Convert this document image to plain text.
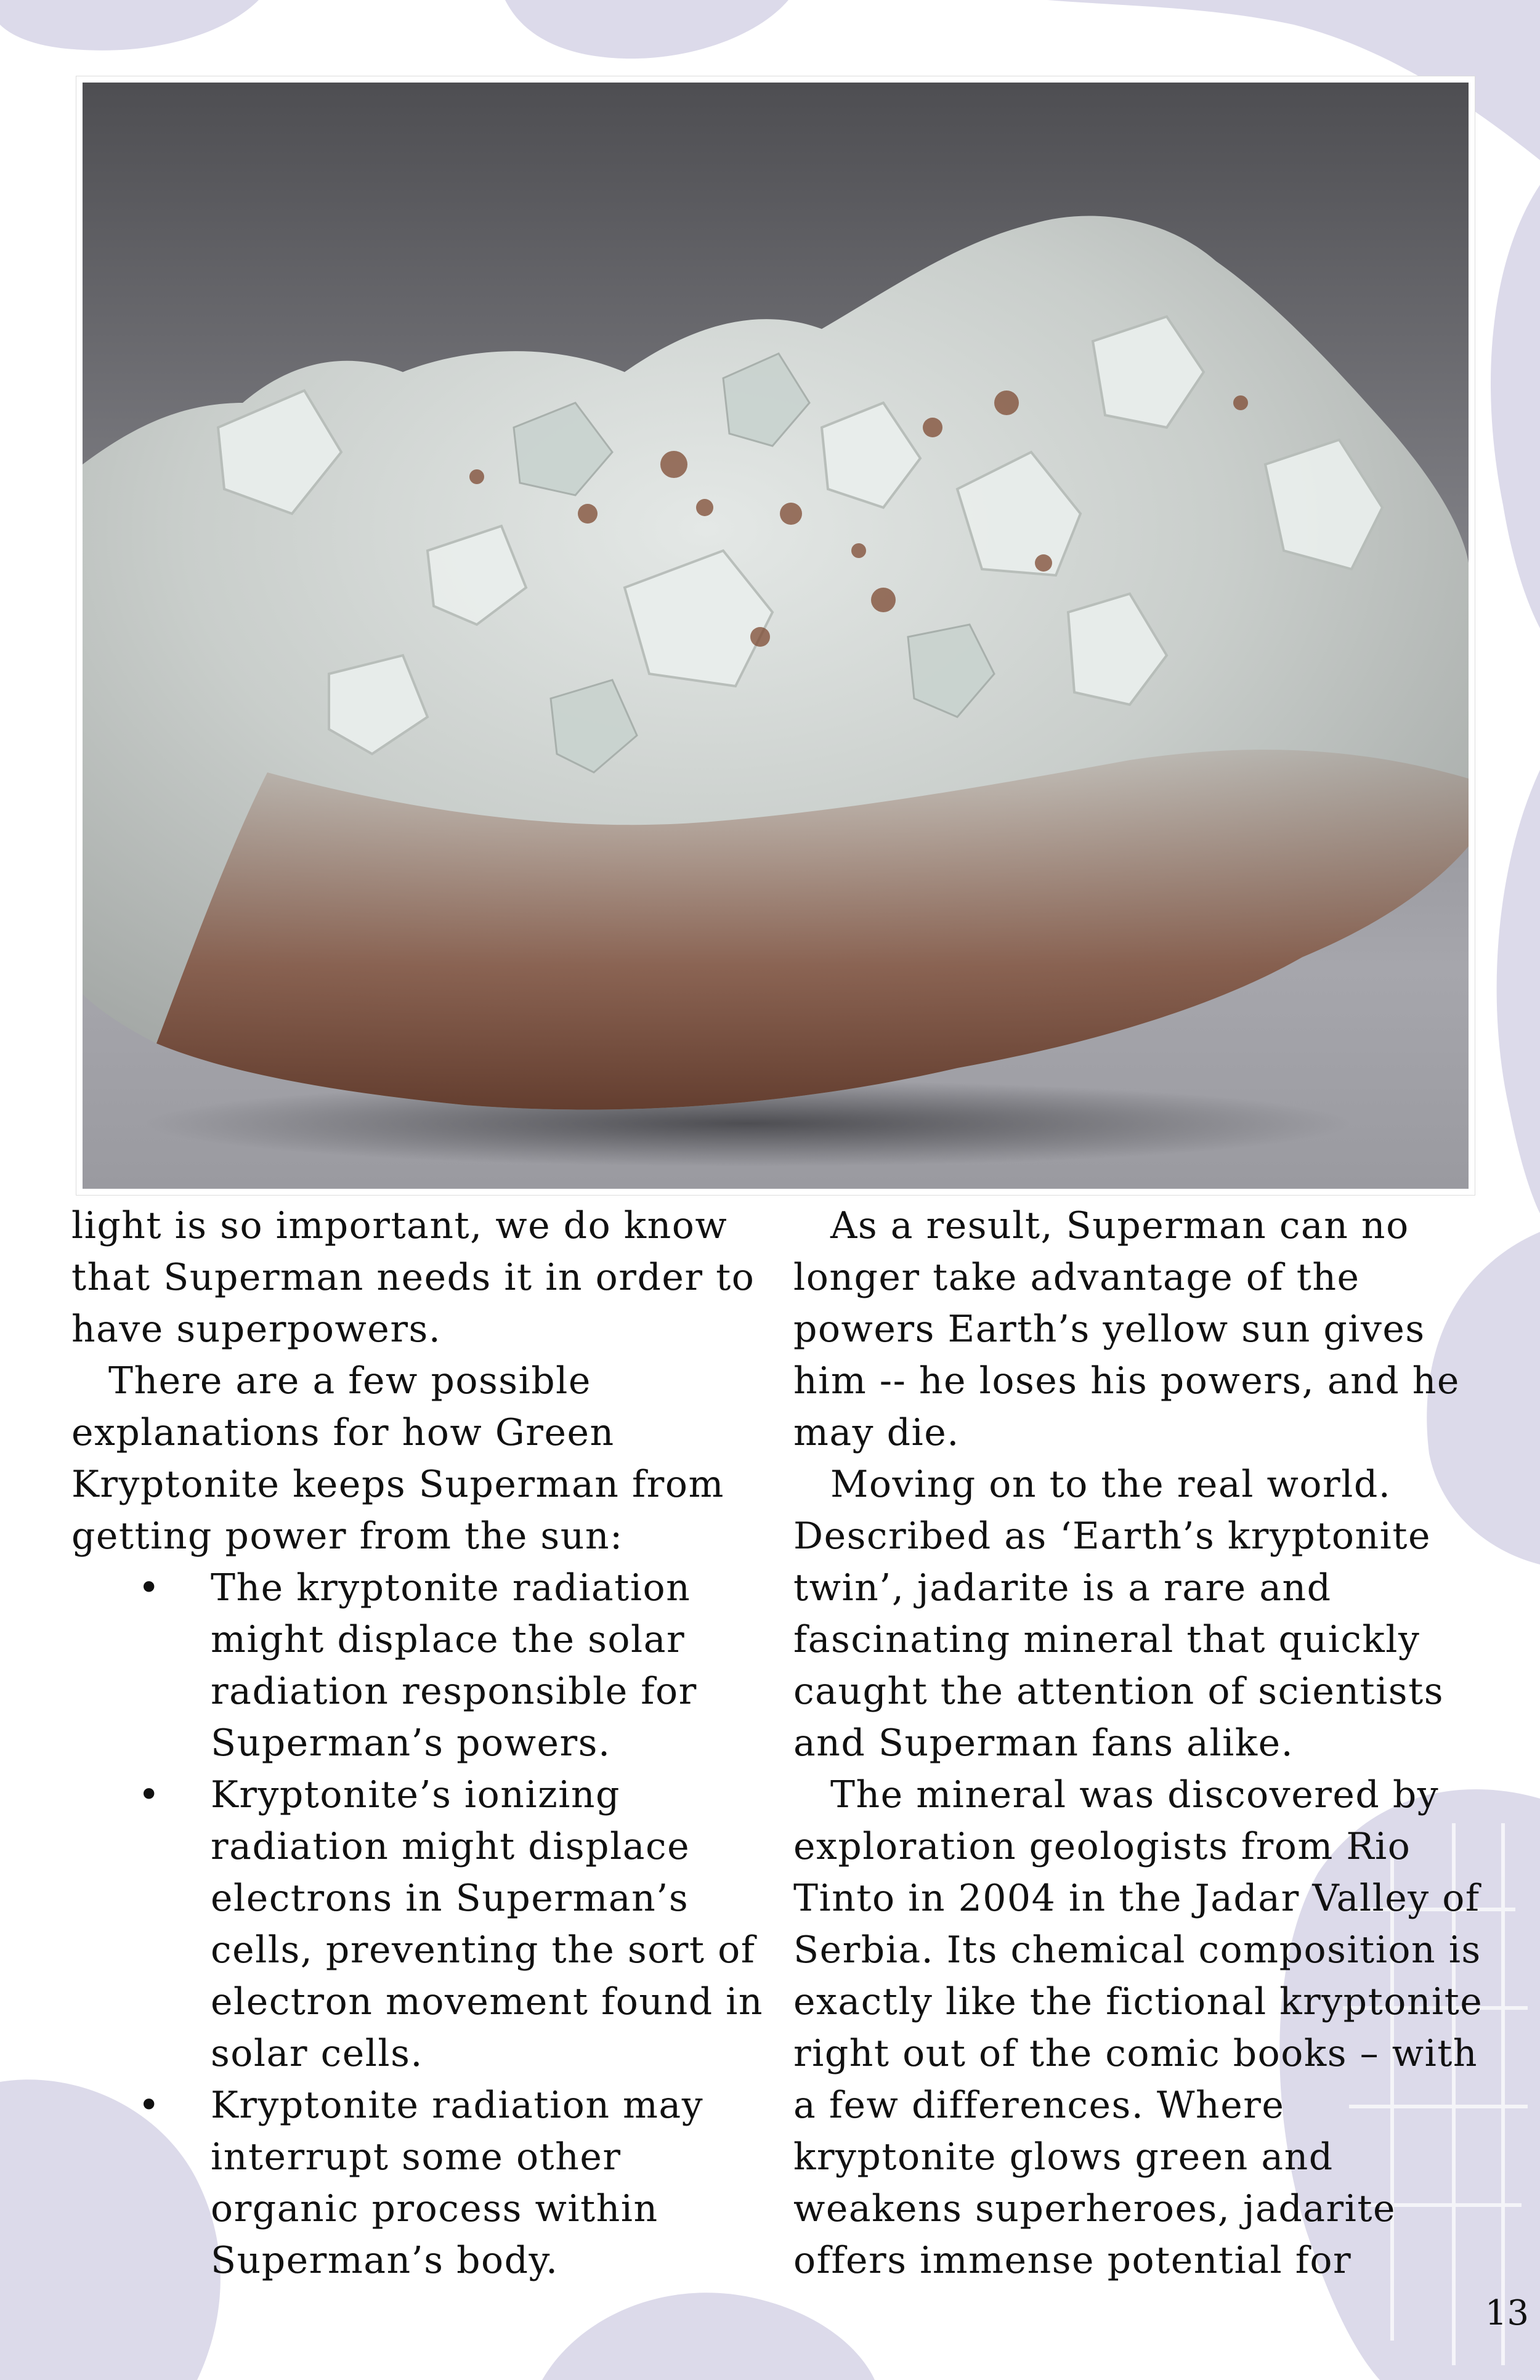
light is so important, we do know that Superman needs it in order to have superpowers.

There are a few possible explanations for how Green Kryptonite keeps Superman from getting power from the sun:

• The kryptonite radiation might displace the solar radiation responsible for Superman’s powers.
• Kryptonite’s ionizing radiation might displace electrons in Superman’s cells, preventing the sort of electron movement found in solar cells.
• Kryptonite radiation may interrupt some other organic process within Superman’s body.

As a result, Superman can no longer take advantage of the powers Earth’s yellow sun gives him -- he loses his powers, and he may die.

Moving on to the real world. Described as ‘Earth’s kryptonite twin’, jadarite is a rare and fascinating mineral that quickly caught the attention of scientists and Superman fans alike.

The mineral was discovered by exploration geologists from Rio Tinto in 2004 in the Jadar Valley of Serbia. Its chemical composition is exactly like the fictional kryptonite right out of the comic books – with a few differences. Where kryptonite glows green and weakens superheroes, jadarite offers immense potential for

13
